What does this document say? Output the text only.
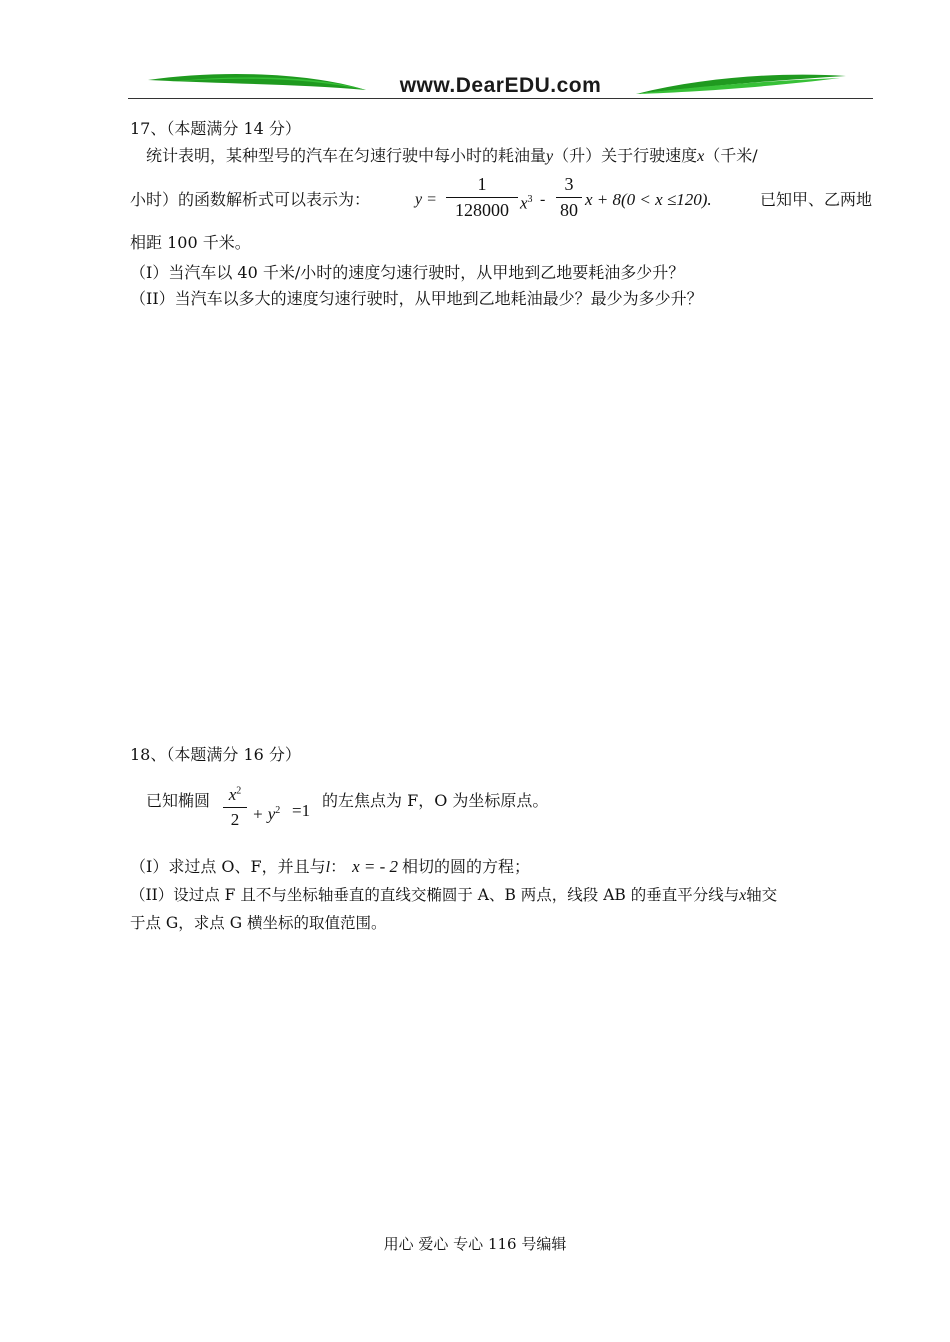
www.DearEDU.com
17、（本题满分 14 分）
统计表明，某种型号的汽车在匀速行驶中每小时的耗油量y（升）关于行驶速度x（千米/
小时）的函数解析式可以表示为：	y =
1
128000 $x^3$ -
3
80
x + 8(0 < x ≤120).	已知甲、乙两地
相距 100 千米。
（I）当汽车以 40 千米/小时的速度匀速行驶时，从甲地到乙地要耗油多少升？
（II）当汽车以多大的速度匀速行驶时，从甲地到乙地耗油最少？最少为多少升？
18、（本题满分 16 分）
已知椭圆	$x^2$
$2 + y^2 =1$
的左焦点为 F，O 为坐标原点。
（I）求过点 O、F，并且与l： x = - 2 相切的圆的方程；
（II）设过点 F 且不与坐标轴垂直的直线交椭圆于 A、B 两点，线段 AB 的垂直平分线与x轴交
于点 G，求点 G 横坐标的取值范围。
用心 爱心 专心 116 号编辑
